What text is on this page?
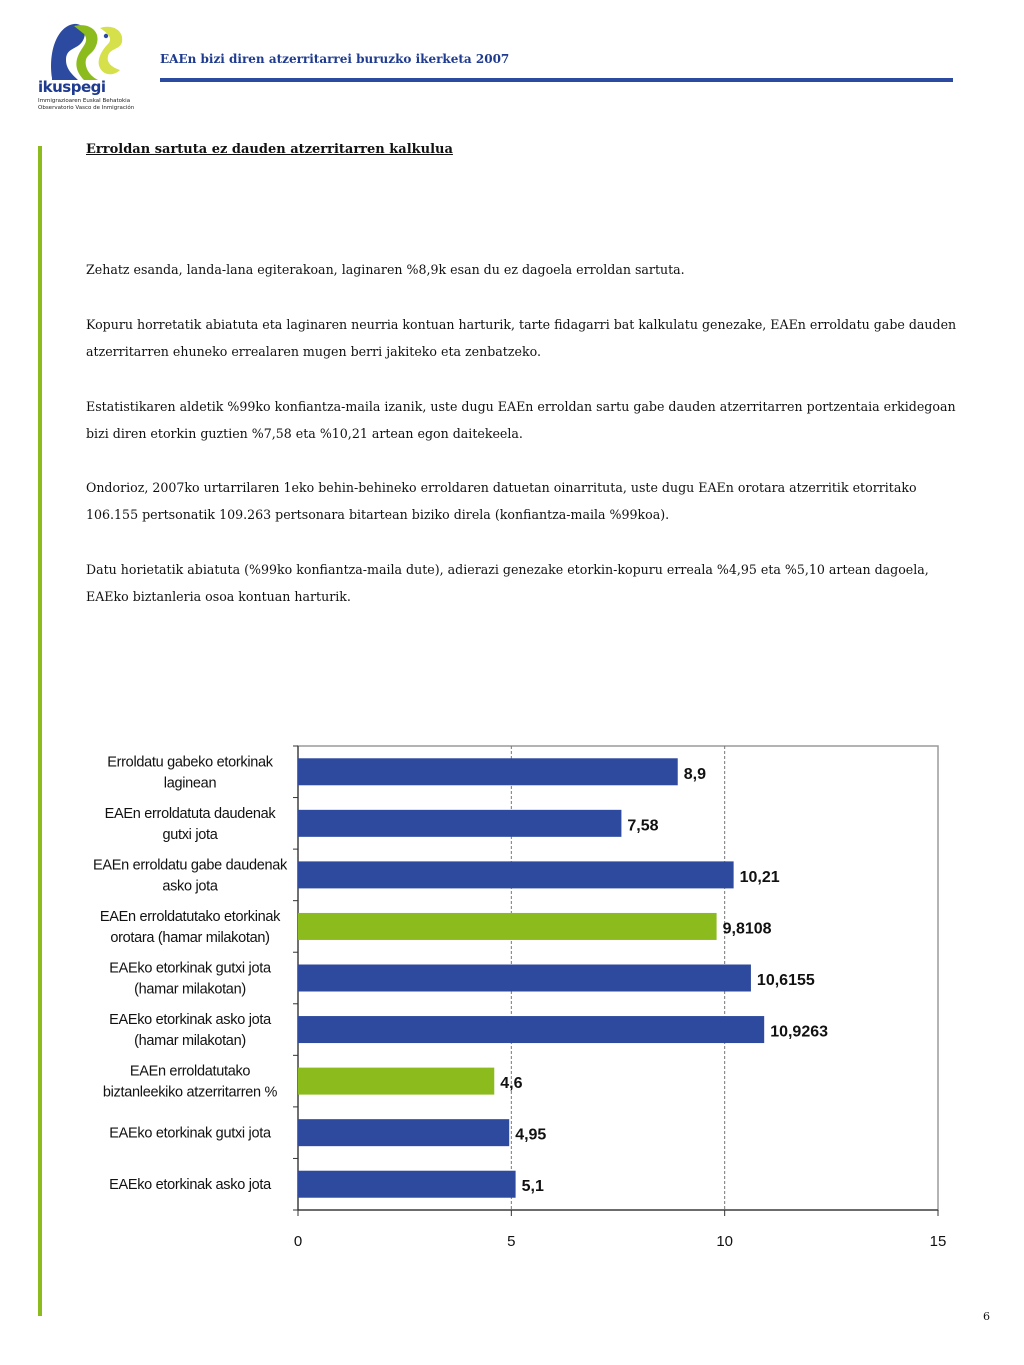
ikuspegi
Immigrazioaren Euskal Behatokia
Observatorio Vasco de Inmigración
EAEn bizi diren atzerritarrei buruzko ikerketa 2007
Erroldan sartuta ez dauden atzerritarren kalkulua
Zehatz esanda, landa-lana egiterakoan, laginaren %8,9k esan du ez dagoela erroldan sartuta.
Kopuru horretatik abiatuta eta laginaren neurria kontuan harturik, tarte fidagarri bat kalkulatu genezake, EAEn erroldatu gabe dauden atzerritarren ehuneko errealaren mugen berri jakiteko eta zenbatzeko.
Estatistikaren aldetik %99ko konfiantza-maila izanik, uste dugu EAEn erroldan sartu gabe dauden atzerritarren portzentaia erkidegoan bizi diren etorkin guztien %7,58 eta %10,21 artean egon daitekeela.
Ondorioz, 2007ko urtarrilaren 1eko behin-behineko erroldaren datuetan oinarrituta, uste dugu EAEn orotara atzerritik etorritako 106.155 pertsonatik 109.263 pertsonara bitartean biziko direla (konfiantza-maila %99koa).
Datu horietatik abiatuta (%99ko konfiantza-maila dute), adierazi genezake etorkin-kopuru erreala %4,95 eta %5,10 artean dagoela, EAEko biztanleria osoa kontuan harturik.
0	5	10	15
8,9
Erroldatu gabeko etorkinak
laginean
7,58
EAEn erroldatuta daudenak
gutxi jota
10,21
EAEn erroldatu gabe daudenak
asko jota
9,8108
EAEn erroldatutako etorkinak
orotara (hamar milakotan)
10,6155
EAEko etorkinak gutxi jota
(hamar milakotan)
10,9263
EAEko etorkinak asko jota
(hamar milakotan)
4,6
EAEn erroldatutako
biztanleekiko atzerritarren %
4,95
EAEko etorkinak gutxi jota
5,1
EAEko etorkinak asko jota
6
